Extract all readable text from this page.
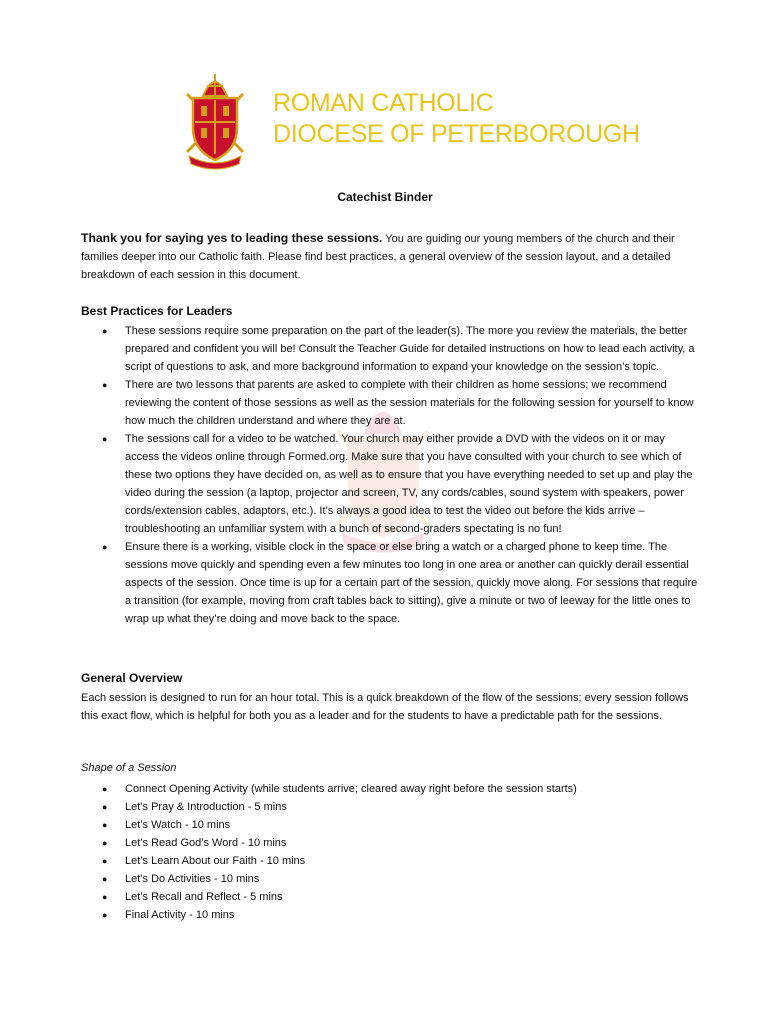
ROMAN CATHOLIC
DIOCESE OF PETERBOROUGH
Catechist Binder
Thank you for saying yes to leading these sessions. You are guiding our young members of the church and their families deeper into our Catholic faith. Please find best practices, a general overview of the session layout, and a detailed breakdown of each session in this document.
Best Practices for Leaders
● These sessions require some preparation on the part of the leader(s). The more you review the materials, the better prepared and confident you will be! Consult the Teacher Guide for detailed instructions on how to lead each activity, a script of questions to ask, and more background information to expand your knowledge on the session’s topic.
● There are two lessons that parents are asked to complete with their children as home sessions; we recommend reviewing the content of those sessions as well as the session materials for the following session for yourself to know how much the children understand and where they are at.
● The sessions call for a video to be watched. Your church may either provide a DVD with the videos on it or may access the videos online through Formed.org. Make sure that you have consulted with your church to see which of these two options they have decided on, as well as to ensure that you have everything needed to set up and play the video during the session (a laptop, projector and screen, TV, any cords/cables, sound system with speakers, power cords/extension cables, adaptors, etc.). It’s always a good idea to test the video out before the kids arrive – troubleshooting an unfamiliar system with a bunch of second-graders spectating is no fun!
● Ensure there is a working, visible clock in the space or else bring a watch or a charged phone to keep time. The sessions move quickly and spending even a few minutes too long in one area or another can quickly derail essential aspects of the session. Once time is up for a certain part of the session, quickly move along. For sessions that require a transition (for example, moving from craft tables back to sitting), give a minute or two of leeway for the little ones to wrap up what they’re doing and move back to the space.
General Overview
Each session is designed to run for an hour total. This is a quick breakdown of the flow of the sessions; every session follows this exact flow, which is helpful for both you as a leader and for the students to have a predictable path for the sessions.
Shape of a Session
● Connect Opening Activity (while students arrive; cleared away right before the session starts)
● Let’s Pray & Introduction - 5 mins
● Let’s Watch - 10 mins
● Let’s Read God’s Word - 10 mins
● Let’s Learn About our Faith - 10 mins
● Let’s Do Activities - 10 mins
● Let’s Recall and Reflect - 5 mins
● Final Activity - 10 mins
